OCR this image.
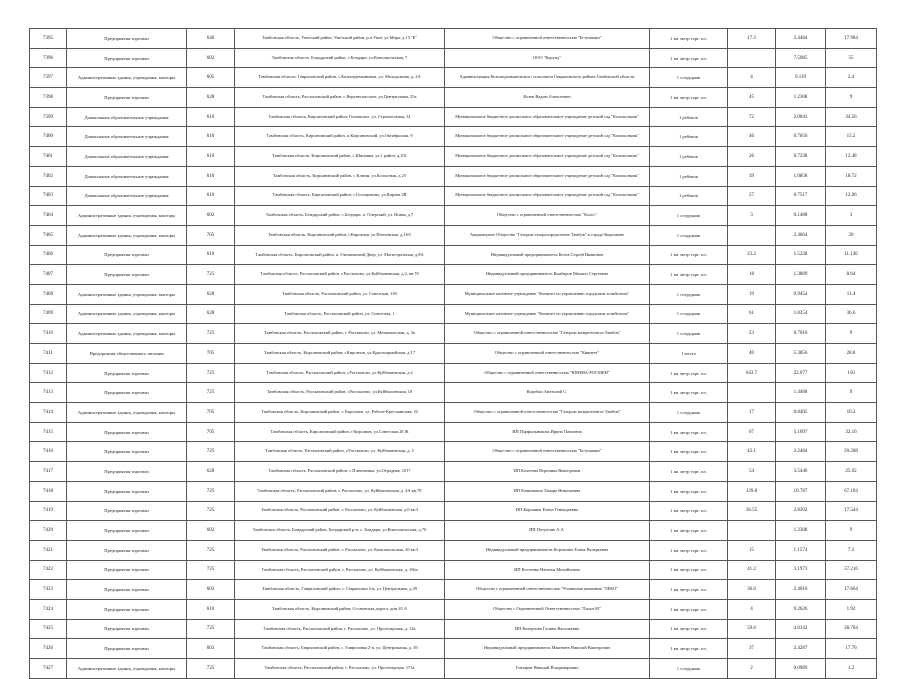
7395	Предприятия торговли	646	Тамбовская область, Уметский район, Уметский район, р.п.Умет, ул.Мира, д.13 "Б"	Общество с ограниченной ответственностью "Бгтумакин"	1 кв. метр торг. пл.	17.3	2.4484	17.904
7396	Предприятия торговли	602	Тамбовская область, Бондарский район, с.Бондари, ул.Комсомольская, 7	ООО "Корунд"	1 кв. метр торг. пл.		7.5085	55
7397	Административные здания, учреждения, конторы	605	Тамбовская область, Гавриловский район, с.Козьмодемьяновка, ул. Молодежная, д. 2А	Администрация Козьмодемьяновского сельсовета Гавриловского района Тамбовской области	1 сотрудник	4	0.119	2.4
7398	Предприятия торговли	628	Тамбовская область, Рассказовский район, с.Верхнеспасское, ул.Центральная, 25а	Котов Вадим Алексеевич	1 кв. метр торг. пл.	45	1.2308	9
7399	Дошкольные образовательные учреждения	610	Тамбовская область, Кирсановский район, Гоношское, ул. Строительная, 14	Муниципальное бюджетное дошкольное образовательное учреждение детский сад "Колокольчик"	1 ребенок	72	2.0043	34.56
7400	Дошкольные образовательные учреждения	610	Тамбовская область, Кирсановский район, п.Кирсановский, ул.Октябрьская, 9	Муниципальное бюджетное дошкольное образовательное учреждение детский сад "Колокольчик"	1 ребенок	46	0.7656	15.2
7401	Дошкольные образовательные учреждения	610	Тамбовская область, Кирсановский район, с.Шиновка, ул.1 район, д.101	Муниципальное бюджетное дошкольное образовательное учреждение детский сад "Колокольчик"	1 ребенок	26	0.7238	12.48
7402	Дошкольные образовательные учреждения	610	Тамбовская область, Кирсановский район, с.Ключи, ул.Колхозная, д.25	Муниципальное бюджетное дошкольное образовательное учреждение детский сад "Колокольчик"	1 ребенок	39	1.0858	18.72
7403	Дошкольные образовательные учреждения	610	Тамбовская область, Кирсановский район, с.Голощекино, ул.Кирова 2В	Муниципальное бюджетное дошкольное образовательное учреждение детский сад "Колокольчик"	1 ребенок	27	0.7517	12.96
7404	Административные здания, учреждения, конторы	602	Тамбовская область, Бондарский район, с.Бондари, п. Очерский, ул. Новая, д.7	Общество с ограниченной ответственностью "Колос"	1 сотрудник	3	0.1488	3
7405	Административные здания, учреждения, конторы	705	Тамбовская область, Кирсановский район, г.Кирсанов, ул.Пензенская, д.16А	Акционерное Общество "Газпром газораспределение Тамбов" в городе Кирсанове	1 сотрудник		2.4664	26
7406	Предприятия торговли	610	Тамбовская область, Кирсановский район, п. Овсяновский Двор, ул. Магистральная, д.8А	Индивидуальный предприниматель Котов Сергей Иванович	1 кв. метр торг. пл.	23.2	1.5228	11.136
7407	Предприятия торговли	725	Тамбовская область, Рассказовский район, г.Рассказово, ул.Куйбышевская, д.2, кв.70	Индивидуальный предприниматель Комбаров Михаил Сергеевич	1 кв. метр торг. пл.	18	1.3889	8.64
7408	Административные здания, учреждения, конторы	628	Тамбовская область, Рассказовский район, ул. Советская, 103	Муниципальное казенное учреждение "Комитет по управлению городским хозяйством"	1 сотрудник	19	0.9454	11.4
7409	Административные здания, учреждения, конторы	628	Тамбовская область, Рассказовский район, ул. Советская, 1	Муниципальное казенное учреждение "Комитет по управлению городским хозяйством"	1 сотрудник	61	1.8254	36.6
7410	Административные здания, учреждения, конторы	725	Тамбовская область, Рассказовский район, г. Рассказово, ул. Механическая, д. 3а	Общество с ограниченной ответственностью "Газпром межрегионгаз Тамбов"	1 сотрудник	23	0.7016	9
7411	Предприятия общественного питания	705	Тамбовская область, Кирсановский район, г.Кирсанов, ул.Красноармейская, д.17	Общество с ограниченной ответственностью "Квинтет"	1 место	40	5.3856	28.8
7412	Предприятия торговли	725	Тамбовская область, Рассказовский район, г.Рассказово, ул.Куйбышевская, д.2	Общество с ограниченной ответственностью "ЮНЕВА-РОСМЕН"	1 кв. метр торг. пл.	643.7	22.077	156
7413	Предприятия торговли	725	Тамбовская область, Рассказовский район, г.Рассказово, ул.Куйбышевская, 18	Коробки Анатолий С.	1 кв. метр торг. пл.		1.4468	9
7414	Административные здания, учреждения, конторы	705	Тамбовская область, Кирсановский район, г. Кирсанов, ул. Рабоче-Крестьянская, 52	Общество с ограниченной ответственностью "Газпром межрегионгаз Тамбов"	1 сотрудник	17	0.8405	10.2
7415	Предприятия торговли	705	Тамбовская область, Кирсановский район, г.Кирсанов, ул.Советская 28 Ж	ИП Порфильникова Ирина Павловна	1 кв. метр торг. пл.	67	5.1697	32.16
7416	Предприятия торговли	725	Тамбовская область, Рассказовский район, г.Рассказово, ул. Куйбышевская, д. 5	Общество с ограниченной ответственностью "Бгтумакин"	1 кв. метр торг. пл.	42.1	3.2484	20.208
7417	Предприятия торговли	628	Тамбовская область, Рассказовский район, с.Платоновка, ул.Отрадная, 1017	ИП Кочетова Вероника Викторовна	1 кв. метр торг. пл.	54	3.5446	25.92
7418	Предприятия торговли	725	Тамбовская область, Рассказовский район, г. Рассказово, ул. Куйбышевская, д. 4А кв.79	ИП Ковшикина Тамара Николаевна	1 кв. метр торг. пл.	139.8	10.787	67.104
7419	Предприятия торговли	725	Тамбовская область, Рассказовский район, г. Рассказово, ул. Куйбышевская, д.6 кв.3	ИП Коровина Елена Геннадьевна	1 кв. метр торг. пл.	36.55	2.8202	17.544
7420	Предприятия торговли	602	Тамбовская область, Бондарский район, Бондарский р-н, с. Бондари, ул.Комсомольская, д.76	ИП Потупчик А.А.	1 кв. метр торг. пл.		1.2308	9
7421	Предприятия торговли	725	Тамбовская область, Рассказовский район, г. Рассказово, ул. Комсомольская, 26 кв.3	Индивидуальный предприниматель Корчагина Елена Валерьевна	1 кв. метр торг. пл.	15	1.1574	7.2
7422	Предприятия торговли	725	Тамбовская область, Рассказовский район, г. Рассказово, ул. Куйбышевская, д. 166а	ИП Костенко Наталья Михайловна	1 кв. метр торг. пл.	41.2	3.1973	57.216
7423	Предприятия торговли	603	Тамбовская область, Гавриловский район, с. Гавриловка 2-я, ул. Центральная, д.39	Общество с ограниченной ответственностью "Розничная компания "ЛЕКО"	1 кв. метр торг. пл.	36.8	2.4016	17.664
7424	Предприятия торговли	610	Тамбовская область, Кирсановский район, Сосновская дорога, дом 45 А	Общество с Ограниченной Ответственностью "Ласка-М"	1 кв. метр торг. пл.	4	0.2626	1.92
7425	Предприятия торговли	725	Тамбовская область, Рассказовский район, г. Рассказово, ул. Пролетарская, д. 14а	ИП Кочергина Галина Васильевна	1 кв. метр торг. пл.	59.8	4.6142	28.704
7426	Предприятия торговли	603	Тамбовская область, Гавриловский район, с. Гавриловка 2-я, ул. Центральная, д. 39	Индивидуальный предприниматель Маковеев Николай Викторович	1 кв. метр торг. пл.	37	2.4287	17.76
7427	Административные здания, учреждения, конторы	725	Тамбовская область, Рассказовский район, г. Рассказово, ул. Пролетарская, 171а	Гонтарев Николай Владимирович	1 сотрудник	2	0.0989	1.2
